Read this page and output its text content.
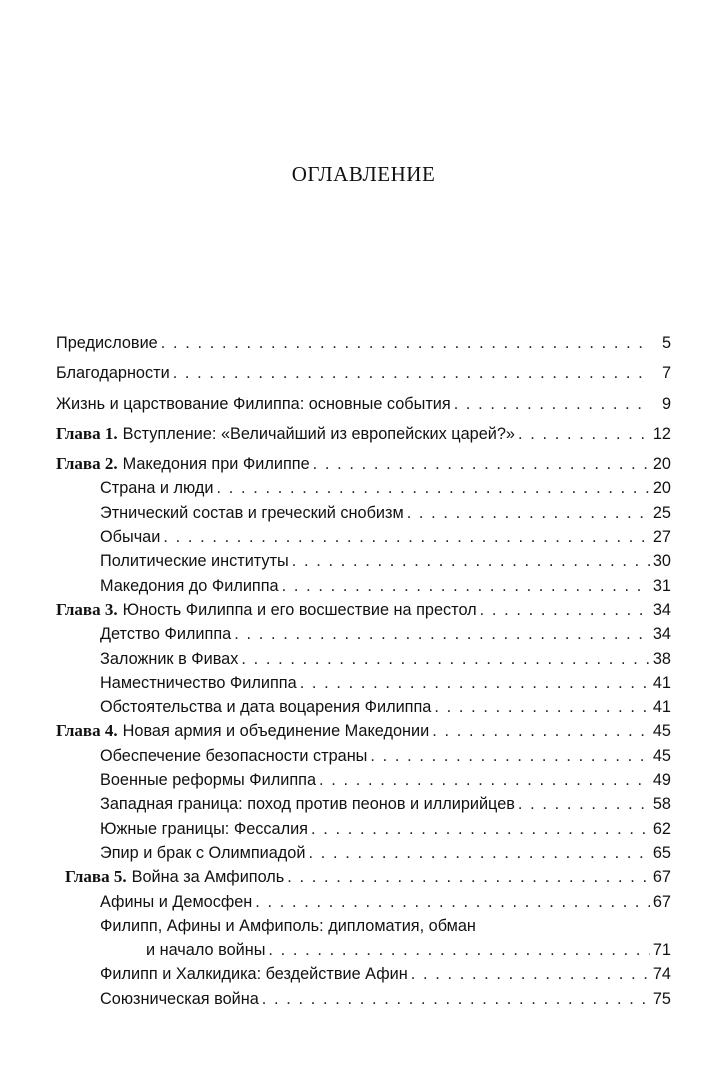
ОГЛАВЛЕНИЕ
Предисловие . . .	5
Благодарности . . .	7
Жизнь и царствование Филиппа: основные события . . .	9
Глава 1. Вступление: «Величайший из европейских царей?» . . .	12
Глава 2. Македония при Филиппе . . .	20
Страна и люди . . .	20
Этнический состав и греческий снобизм . . .	25
Обычаи . . .	27
Политические институты . . .	30
Македония до Филиппа . . .	31
Глава 3. Юность Филиппа и его восшествие на престол . . .	34
Детство Филиппа . . .	34
Заложник в Фивах . . .	38
Наместничество Филиппа . . .	41
Обстоятельства и дата воцарения Филиппа . . .	41
Глава 4. Новая армия и объединение Македонии . . .	45
Обеспечение безопасности страны . . .	45
Военные реформы Филиппа . . .	49
Западная граница: поход против пеонов и иллирийцев . . .	58
Южные границы: Фессалия . . .	62
Эпир и брак с Олимпиадой . . .	65
Глава 5. Война за Амфиполь . . .	67
Афины и Демосфен . . .	67
Филипп, Афины и Амфиполь: дипломатия, обман
и начало войны . . .	71
Филипп и Халкидика: бездействие Афин . . .	74
Союзническая война . . .	75
